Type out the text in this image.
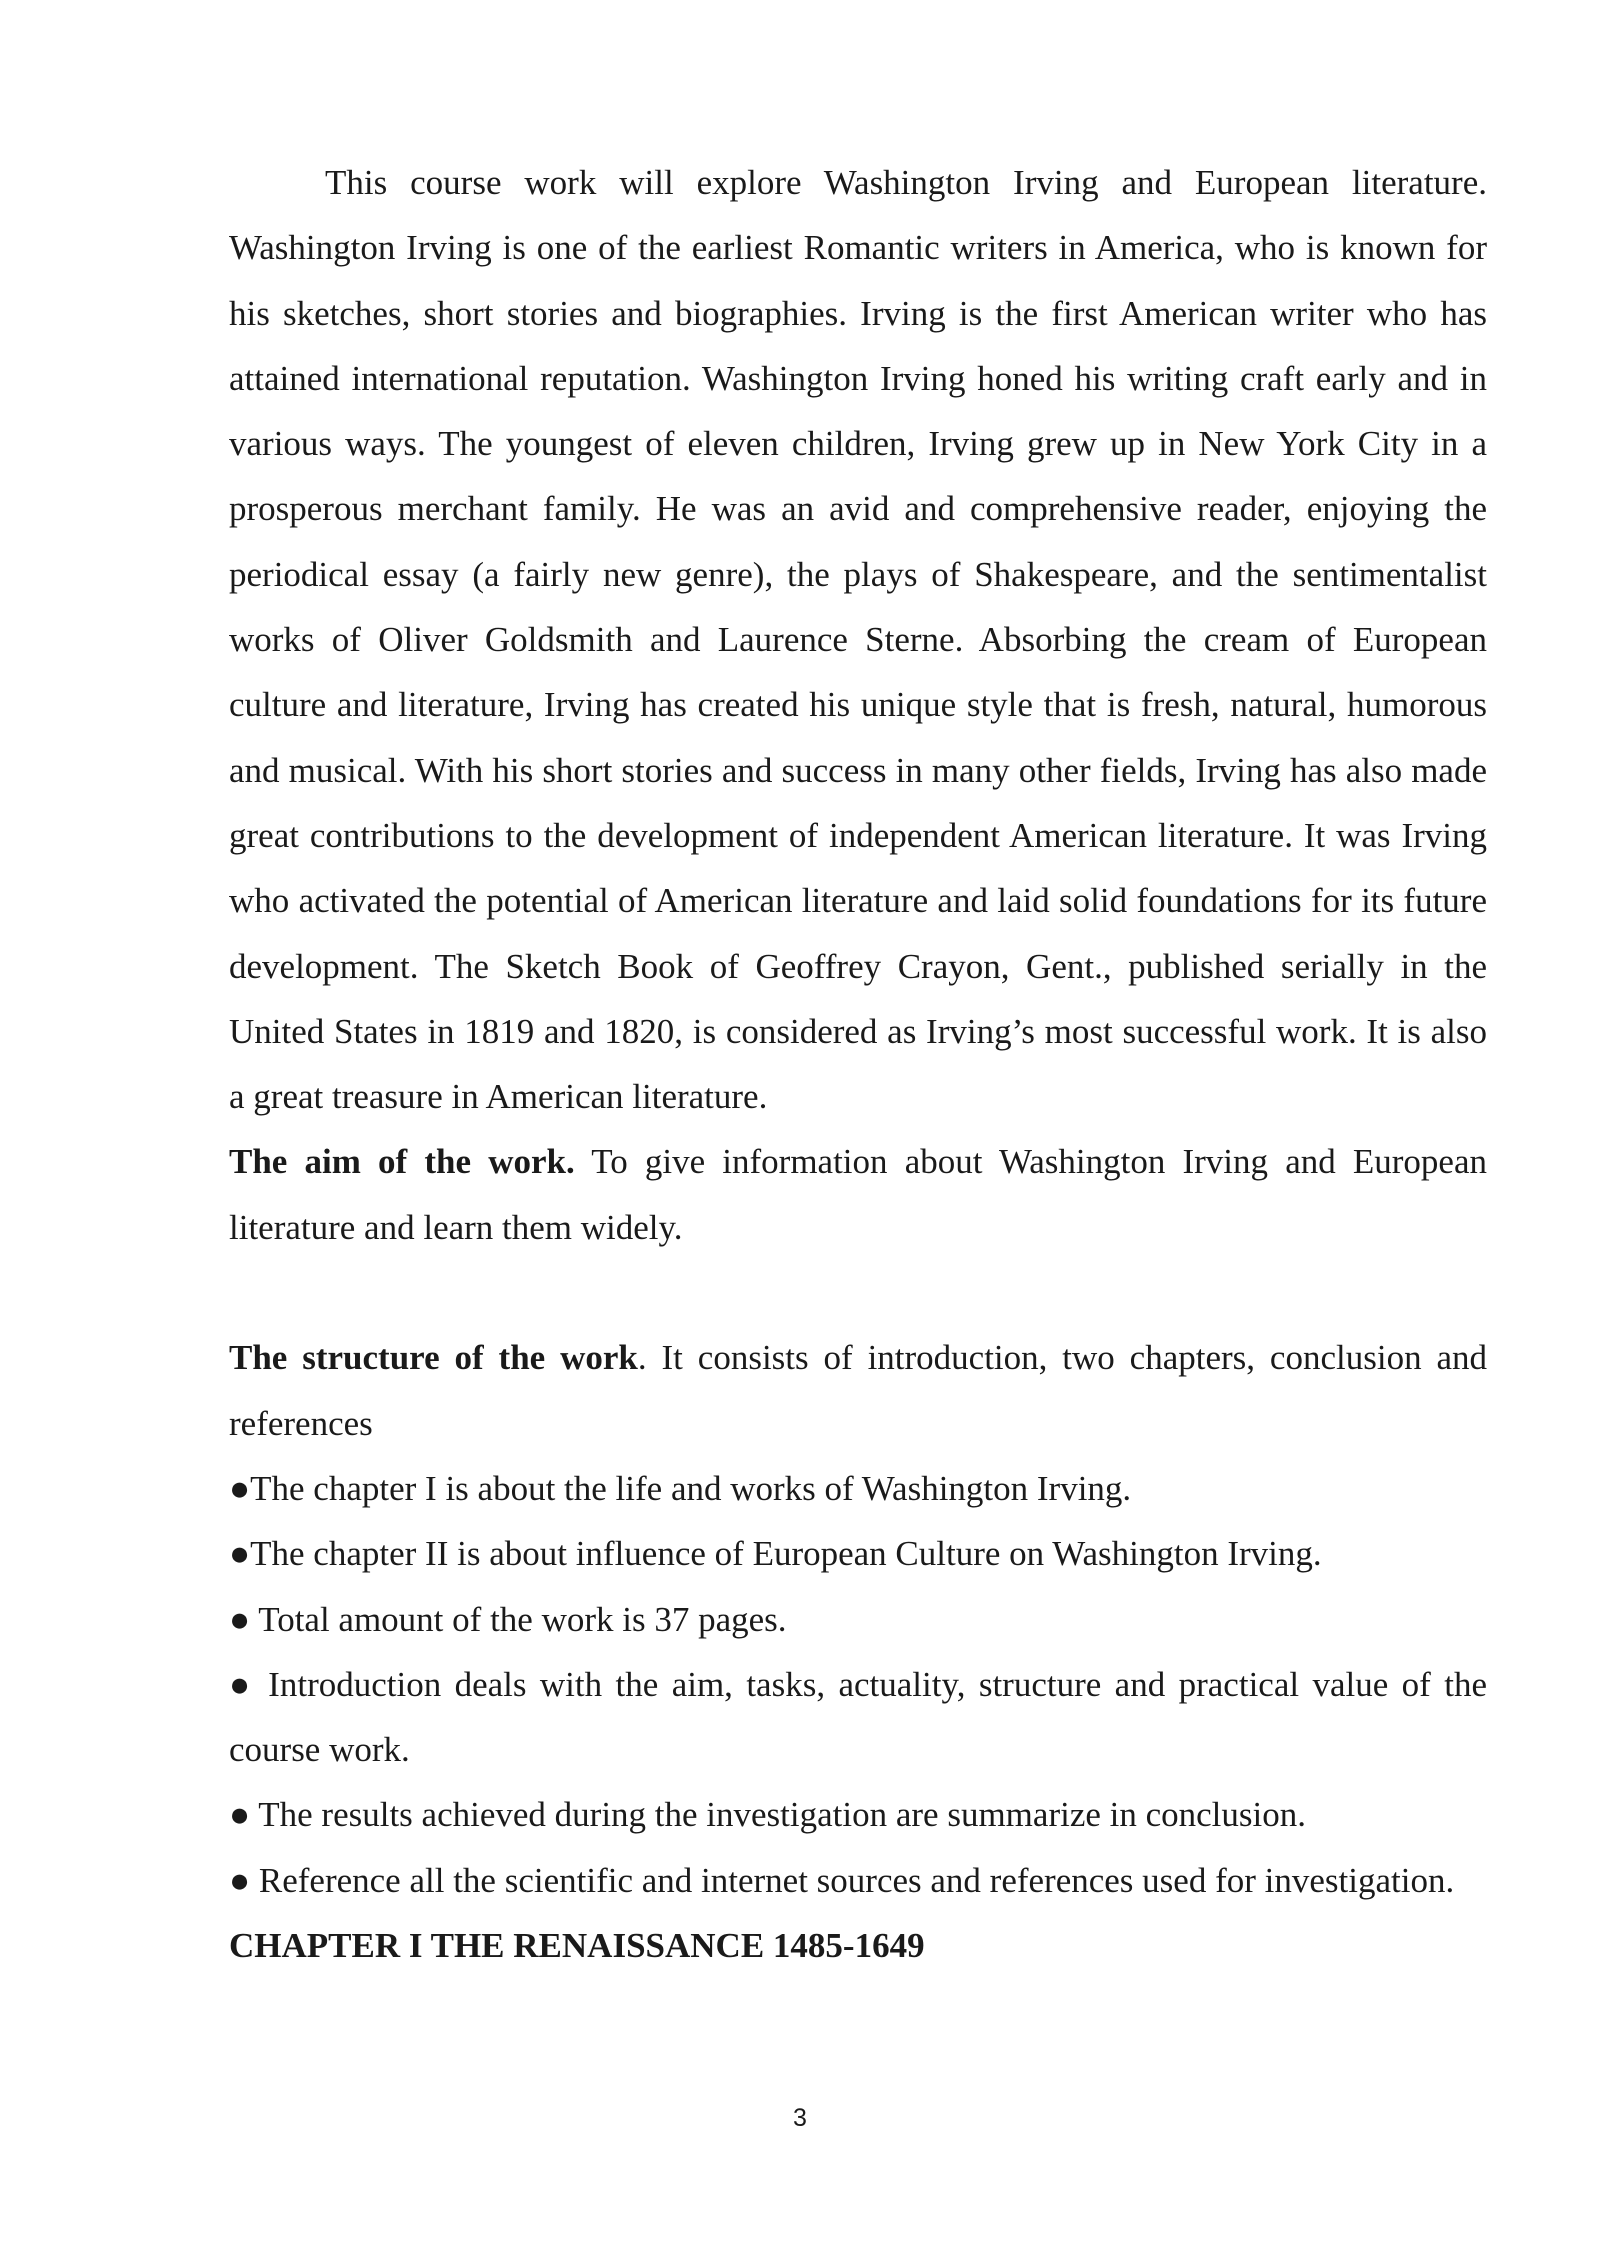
This course work will explore Washington Irving and European literature. Washington Irving is one of the earliest Romantic writers in America, who is known for his sketches, short stories and biographies. Irving is the first American writer who has attained international reputation. Washington Irving honed his writing craft early and in various ways. The youngest of eleven children, Irving grew up in New York City in a prosperous merchant family. He was an avid and comprehensive reader, enjoying the periodical essay (a fairly new genre), the plays of Shakespeare, and the sentimentalist works of Oliver Goldsmith and Laurence Sterne. Absorbing the cream of European culture and literature, Irving has created his unique style that is fresh, natural, humorous and musical. With his short stories and success in many other fields, Irving has also made great contributions to the development of independent American literature. It was Irving who activated the potential of American literature and laid solid foundations for its future development. The Sketch Book of Geoffrey Crayon, Gent., published serially in the United States in 1819 and 1820, is considered as Irving’s most successful work. It is also a great treasure in American literature.

The aim of the work. To give information about Washington Irving and European literature and learn them widely.

The structure of the work. It consists of introduction, two chapters, conclusion and references

●The chapter I is about the life and works of Washington Irving.

●The chapter II is about influence of European Culture on Washington Irving.

● Total amount of the work is 37 pages.

● Introduction deals with the aim, tasks, actuality, structure and practical value of the course work.

● The results achieved during the investigation are summarize in conclusion.

● Reference all the scientific and internet sources and references used for investigation.

CHAPTER I THE RENAISSANCE 1485-1649

3
